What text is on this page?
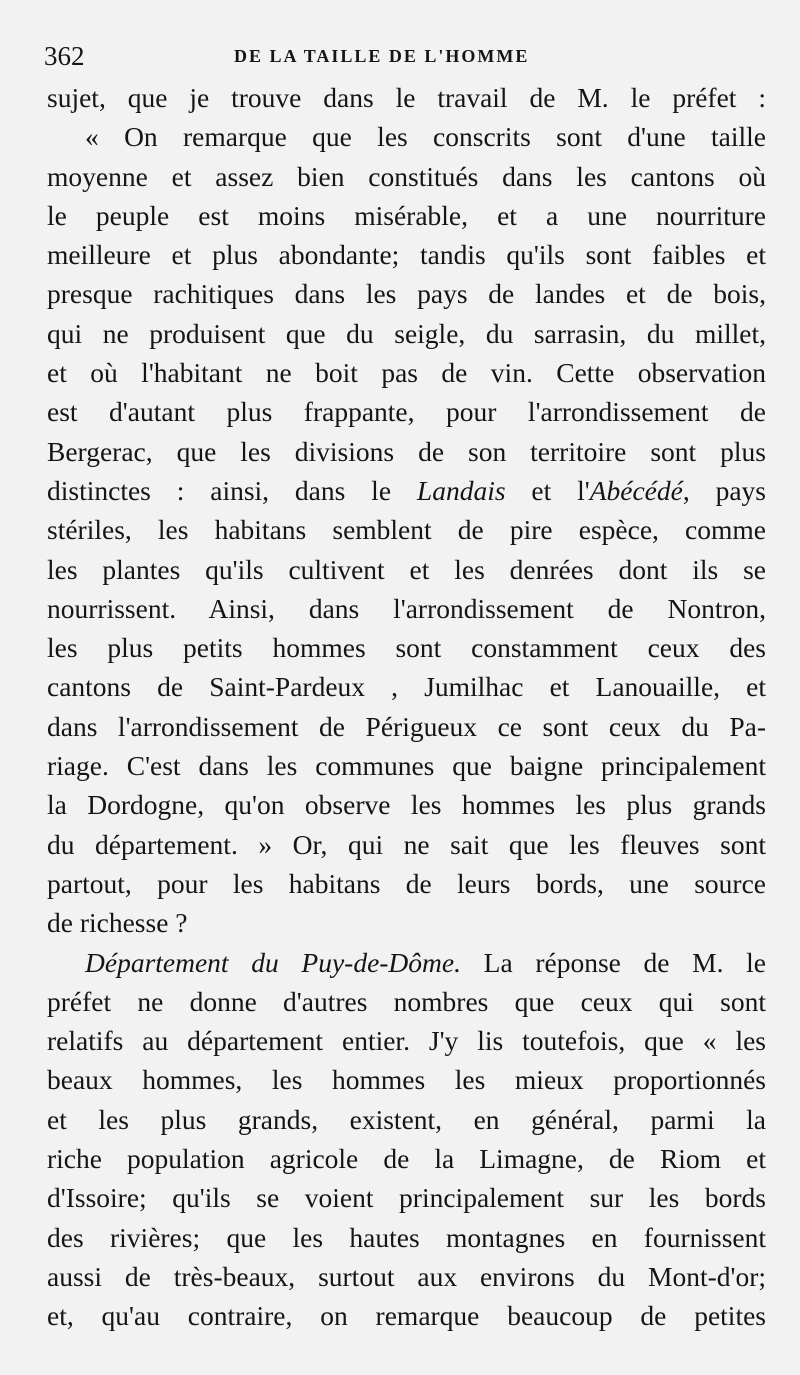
362	DE LA TAILLE DE L'HOMME
sujet, que je trouve dans le travail de M. le préfet :
« On remarque que les conscrits sont d'une taille
moyenne et assez bien constitués dans les cantons où
le peuple est moins misérable, et a une nourriture
meilleure et plus abondante; tandis qu'ils sont faibles et
presque rachitiques dans les pays de landes et de bois,
qui ne produisent que du seigle, du sarrasin, du millet,
et où l'habitant ne boit pas de vin. Cette observation
est d'autant plus frappante, pour l'arrondissement de
Bergerac, que les divisions de son territoire sont plus
distinctes : ainsi, dans le Landais et l'Abécédé, pays
stériles, les habitans semblent de pire espèce, comme
les plantes qu'ils cultivent et les denrées dont ils se
nourrissent. Ainsi, dans l'arrondissement de Nontron,
les plus petits hommes sont constamment ceux des
cantons de Saint-Pardeux , Jumilhac et Lanouaille, et
dans l'arrondissement de Périgueux ce sont ceux du Pa-
riage. C'est dans les communes que baigne principalement
la Dordogne, qu'on observe les hommes les plus grands
du département. » Or, qui ne sait que les fleuves sont
partout, pour les habitans de leurs bords, une source
de richesse ?
Département du Puy-de-Dôme. La réponse de M. le
préfet ne donne d'autres nombres que ceux qui sont
relatifs au département entier. J'y lis toutefois, que « les
beaux hommes, les hommes les mieux proportionnés
et les plus grands, existent, en général, parmi la
riche population agricole de la Limagne, de Riom et
d'Issoire; qu'ils se voient principalement sur les bords
des rivières; que les hautes montagnes en fournissent
aussi de très-beaux, surtout aux environs du Mont-d'or;
et, qu'au contraire, on remarque beaucoup de petites
